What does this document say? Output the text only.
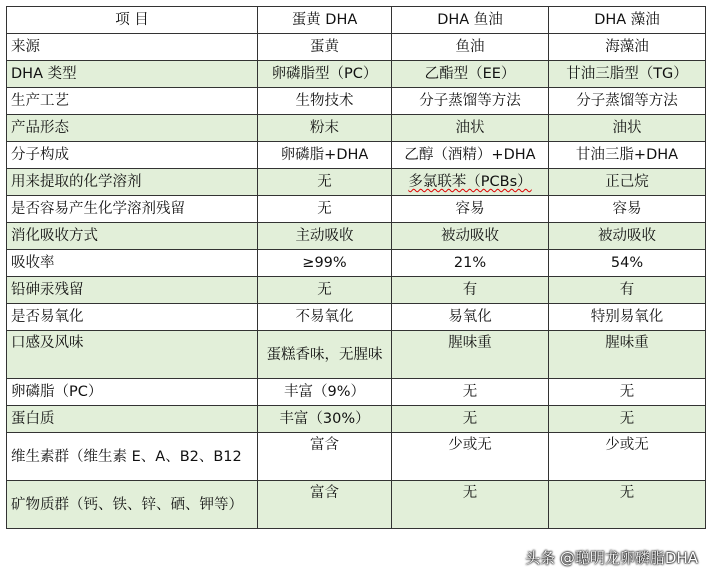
项 目	蛋黄 DHA	DHA 鱼油	DHA 藻油
来源	蛋黄	鱼油	海藻油
DHA 类型	卵磷脂型（PC）	乙酯型（EE）	甘油三脂型（TG）
生产工艺	生物技术	分子蒸馏等方法	分子蒸馏等方法
产品形态	粉末	油状	油状
分子构成	卵磷脂+DHA	乙醇（酒精）+DHA	甘油三脂+DHA
用来提取的化学溶剂	无	多氯联苯（PCBs）	正己烷
是否容易产生化学溶剂残留	无	容易	容易
消化吸收方式	主动吸收	被动吸收	被动吸收
吸收率	≥99%	21%	54%
铅砷汞残留	无	有	有
是否易氧化	不易氧化	易氧化	特别易氧化
口感及风味	蛋糕香味，无腥味	腥味重	腥味重
卵磷脂（PC）	丰富（9%）	无	无
蛋白质	丰富（30%）	无	无
维生素群（维生素 E、A、B2、B12	富含	少或无	少或无
矿物质群（钙、铁、锌、硒、钾等）	富含	无	无
头条 @聪明龙卵磷脂DHA
